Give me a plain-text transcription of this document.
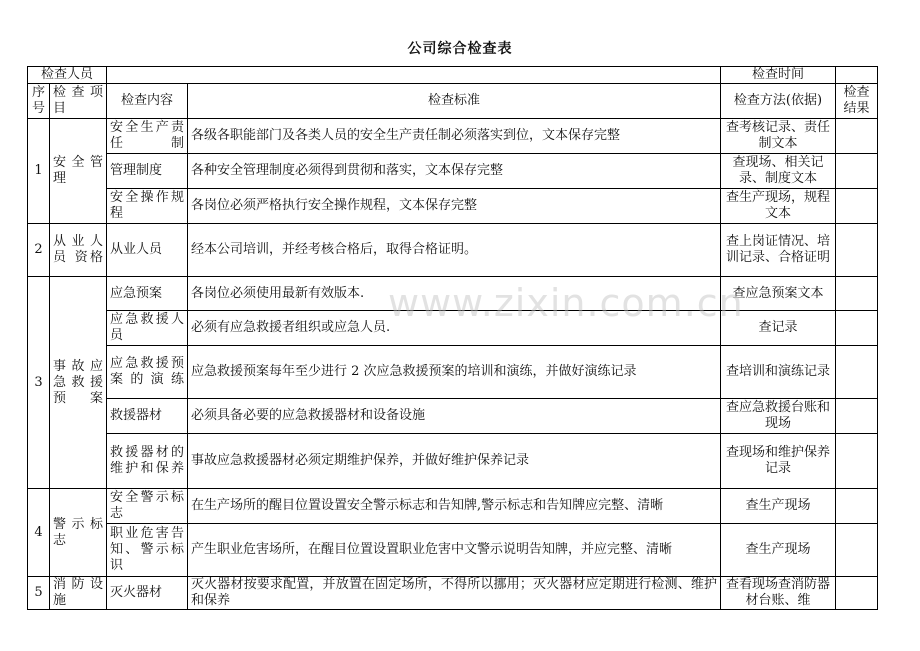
公司综合检查表
检查人员				检查时间	
序号	检 查 项目	检查内容	检查标准	检查方法(依据)	检查结果
1	安 全 管理	安全生产责任制	各级各职能部门及各类人员的安全生产责任制必须落实到位，文本保存完整	查考核记录、责任制文本	
		管理制度	各种安全管理制度必须得到贯彻和落实，文本保存完整	查现场、相关记录、制度文本	
		安全操作规程	各岗位必须严格执行安全操作规程，文本保存完整	查生产现场，规程文本	
2	从 业 人 员 资格	从业人员	经本公司培训，并经考核合格后，取得合格证明。	查上岗证情况、培训记录、合格证明	
3	事 故 应 急 救 援 预案	应急预案	各岗位必须使用最新有效版本.	查应急预案文本	
		应急救援人员	必须有应急救援者组织或应急人员.	查记录	
		应急救援预案的演练	应急救援预案每年至少进行 2 次应急救援预案的培训和演练，并做好演练记录	查培训和演练记录	
		救援器材	必须具备必要的应急救援器材和设备设施	查应急救援台账和现场	
		救援器材的维护和保养	事故应急救援器材必须定期维护保养，并做好维护保养记录	查现场和维护保养记录	
4	警 示 标志	安全警示标志	在生产场所的醒目位置设置安全警示标志和告知牌,警示标志和告知牌应完整、清晰	查生产现场	
		职业危害告知、警示标识	产生职业危害场所，在醒目位置设置职业危害中文警示说明告知牌，并应完整、清晰	查生产现场	
5	消 防 设施	灭火器材	灭火器材按要求配置，并放置在固定场所，不得所以挪用；灭火器材应定期进行检测、维护和保养	查看现场查消防器材台账、维	
www.zixin.com.cn
